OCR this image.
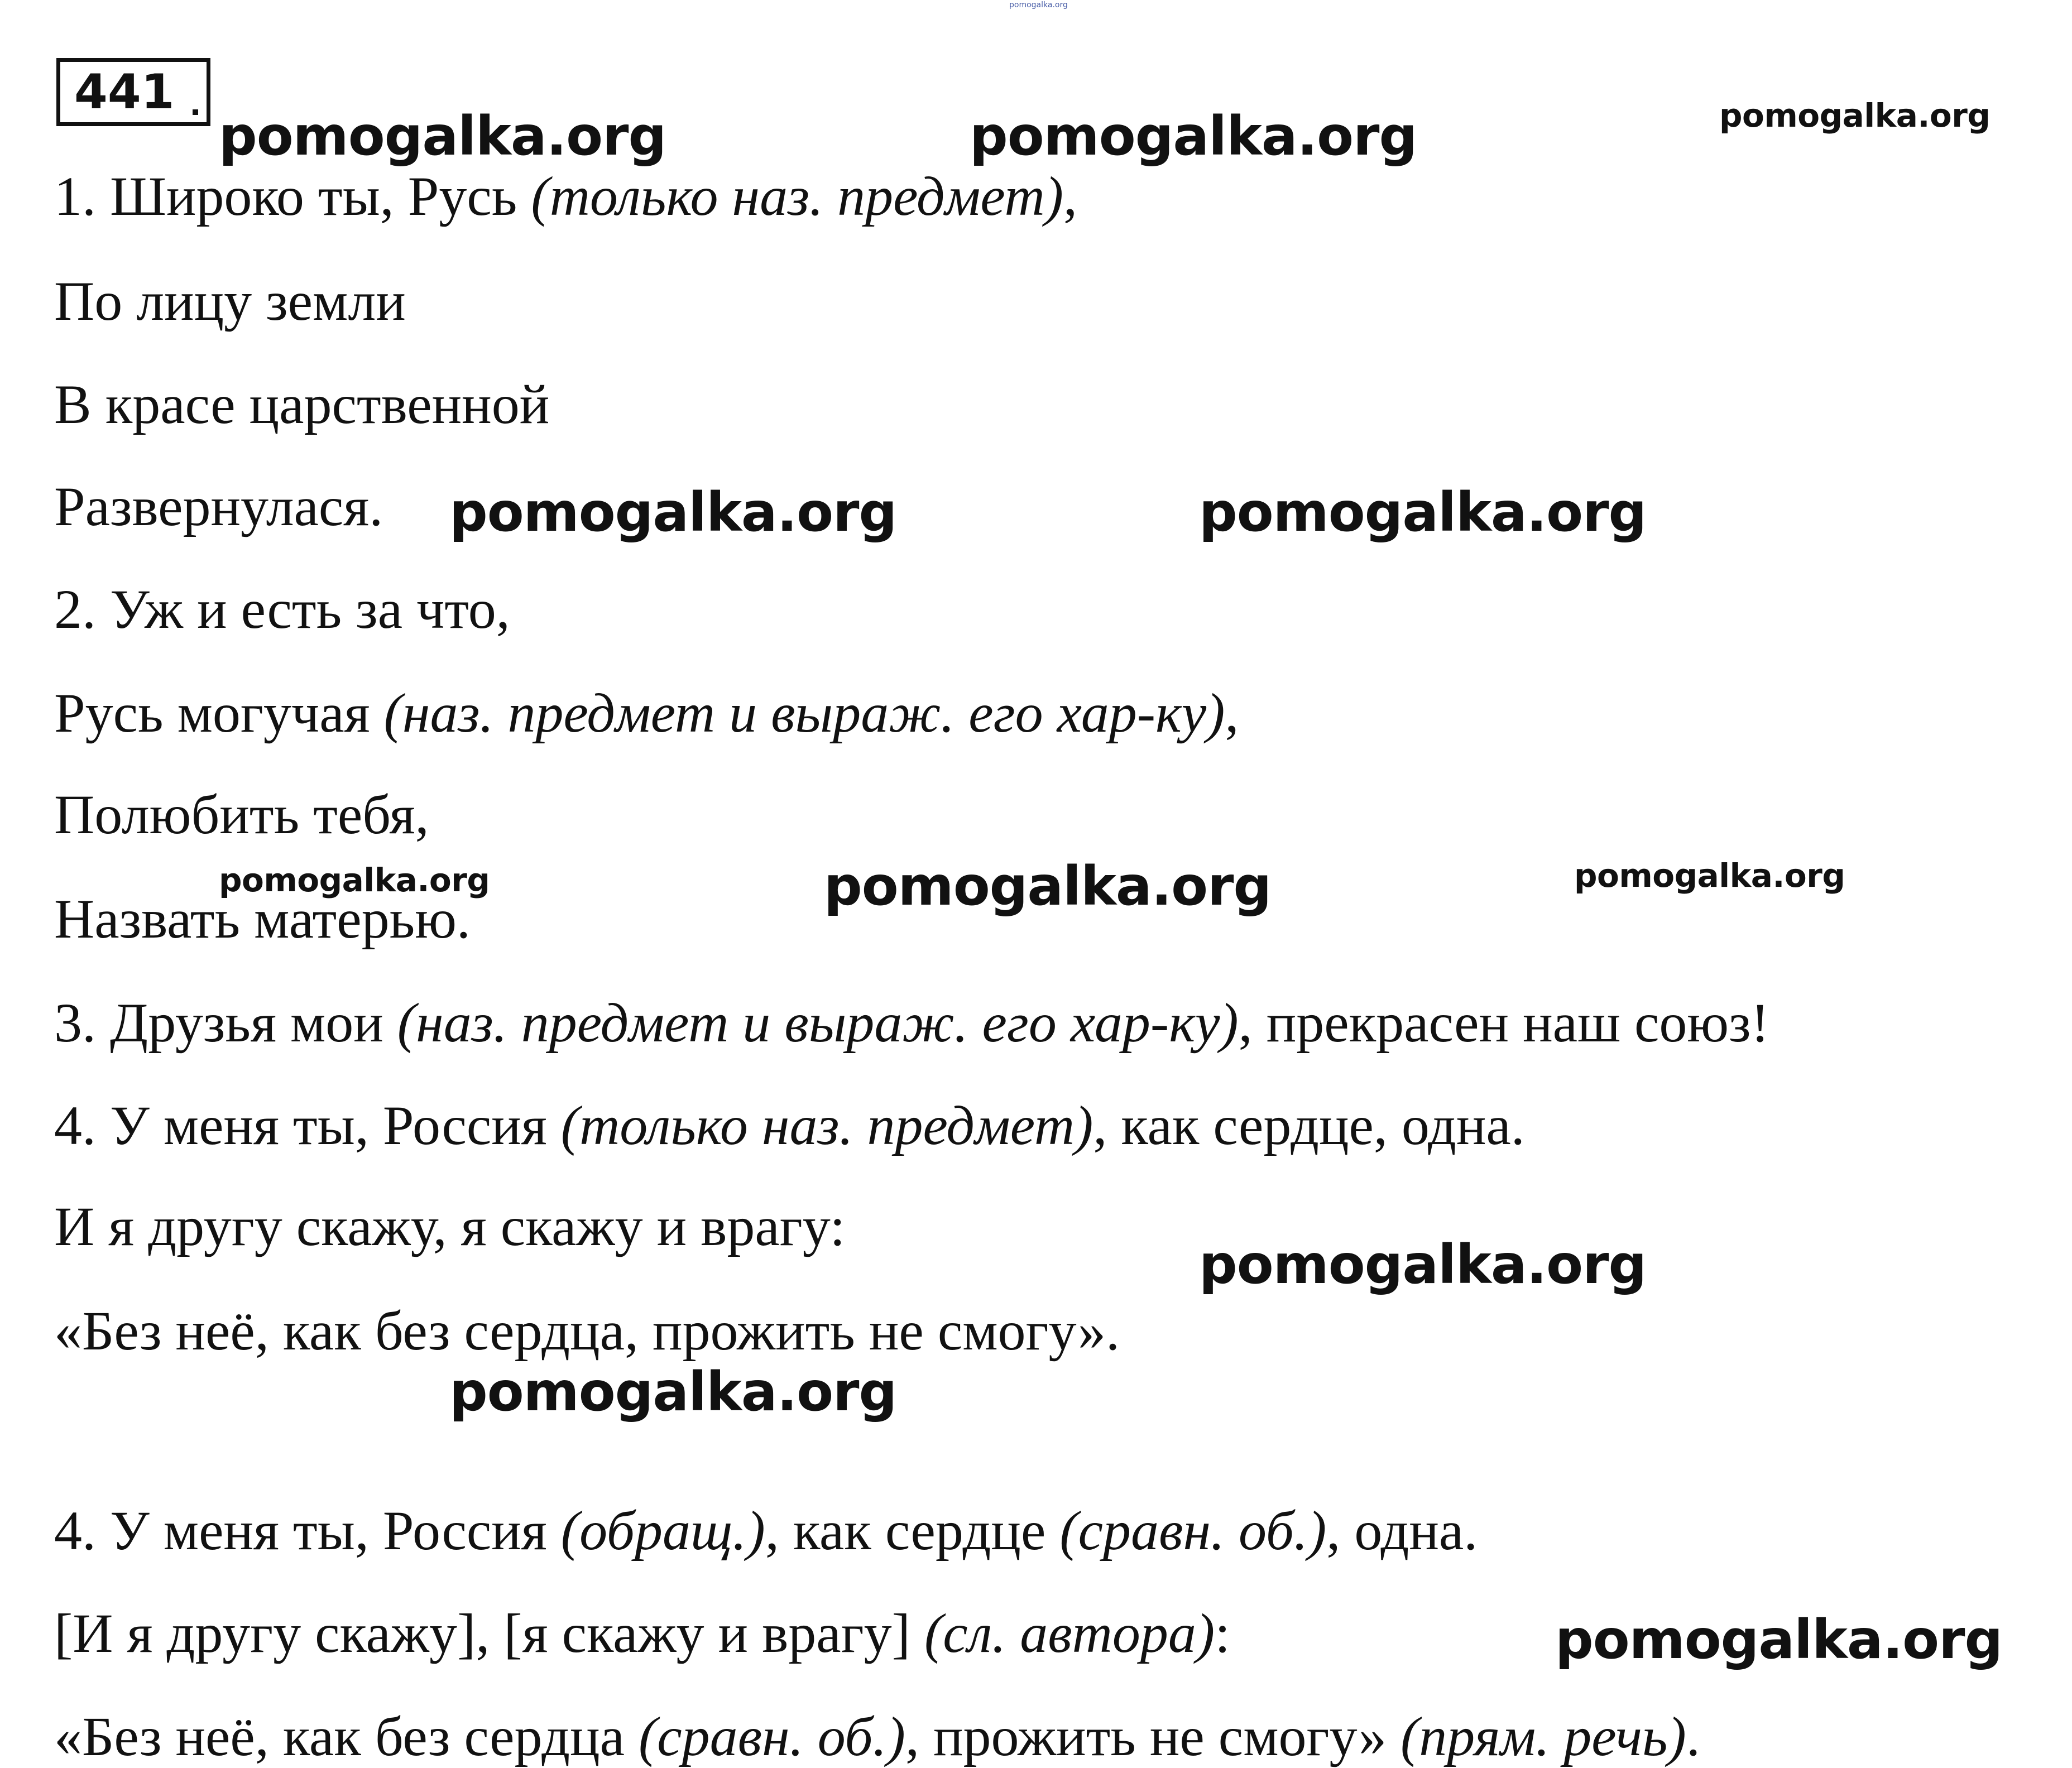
441
1. Широко ты, Русь (только наз. предмет),
По лицу земли
В красе царственной
Развернулася.
2. Уж и есть за что,
Русь могучая (наз. предмет и выраж. его хар-ку),
Полюбить тебя,
Назвать матерью.
3. Друзья мои (наз. предмет и выраж. его хар-ку), прекрасен наш союз!
4. У меня ты, Россия (только наз. предмет), как сердце, одна.
И я другу скажу, я скажу и врагу:
«Без неё, как без сердца, прожить не смогу».
4. У меня ты, Россия (обращ.), как сердце (сравн. об.), одна.
[И я другу скажу], [я скажу и врагу] (сл. автора):
«Без неё, как без сердца (сравн. об.), прожить не смогу» (прям. речь).
pomogalka.org
pomogalka.org	pomogalka.org	pomogalka.org
pomogalka.org	pomogalka.org
pomogalka.org	pomogalka.org	pomogalka.org
pomogalka.org
pomogalka.org
pomogalka.org
